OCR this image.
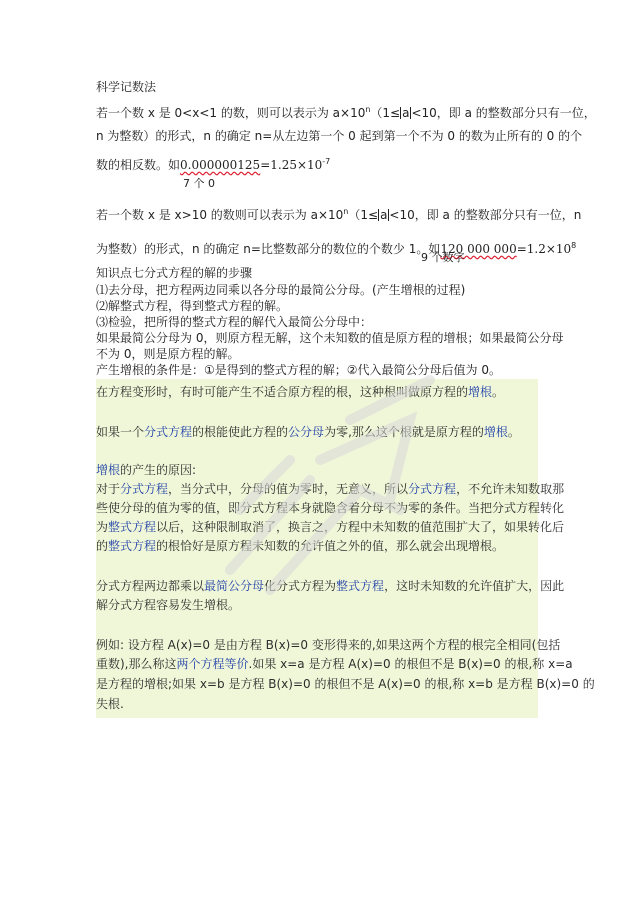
科学记数法
若一个数 x 是 0<x<1 的数，则可以表示为 $a\times 10^n(1\le a <10$，即 a 的整数部分只有一位，
n 为整数）的形式，n 的确定 n=从左边第一个 0 起到第一个不为 0 的数为止所有的 0 的个
数的相反数。如$0.000000125=1.25\times 10^{-7}$
7 个 0
若一个数 x 是 x>10 的数则可以表示为 $a\times 10^n(1\le a <10$，即 a 的整数部分只有一位，n
为整数）的形式，n 的确定 n=比整数部分的数位的个数少 1。如120 000 $000=1.2\times 10^8$
9 个数字
知识点七分式方程的解的步骤
⑴去分母，把方程两边同乘以各分母的最简公分母。(产生增根的过程)
⑵解整式方程，得到整式方程的解。
⑶检验，把所得的整式方程的解代入最简公分母中：
如果最简公分母为 0，则原方程无解，这个未知数的值是原方程的增根；如果最简公分母
不为 0，则是原方程的解。
产生增根的条件是：①是得到的整式方程的解；②代入最简公分母后值为 0。
在方程变形时，有时可能产生不适合原方程的根，这种根叫做原方程的增根。
如果一个分式方程的根能使此方程的公分母为零,那么这个根就是原方程的增根。
增根的产生的原因:
对于分式方程，当分式中，分母的值为零时，无意义，所以分式方程，不允许未知数取那
些使分母的值为零的值，即分式方程本身就隐含着分母不为零的条件。当把分式方程转化
为整式方程以后，这种限制取消了，换言之，方程中未知数的值范围扩大了，如果转化后
的整式方程的根恰好是原方程未知数的允许值之外的值，那么就会出现增根。
分式方程两边都乘以最简公分母化分式方程为整式方程，这时未知数的允许值扩大，因此
解分式方程容易发生增根。
例如: 设方程 A(x)=0 是由方程 B(x)=0 变形得来的,如果这两个方程的根完全相同(包括
重数),那么称这两个方程等价.如果 x=a 是方程 A(x)=0 的根但不是 B(x)=0 的根,称 x=a
是方程的增根;如果 x=b 是方程 B(x)=0 的根但不是 A(x)=0 的根,称 x=b 是方程 B(x)=0 的
失根.
